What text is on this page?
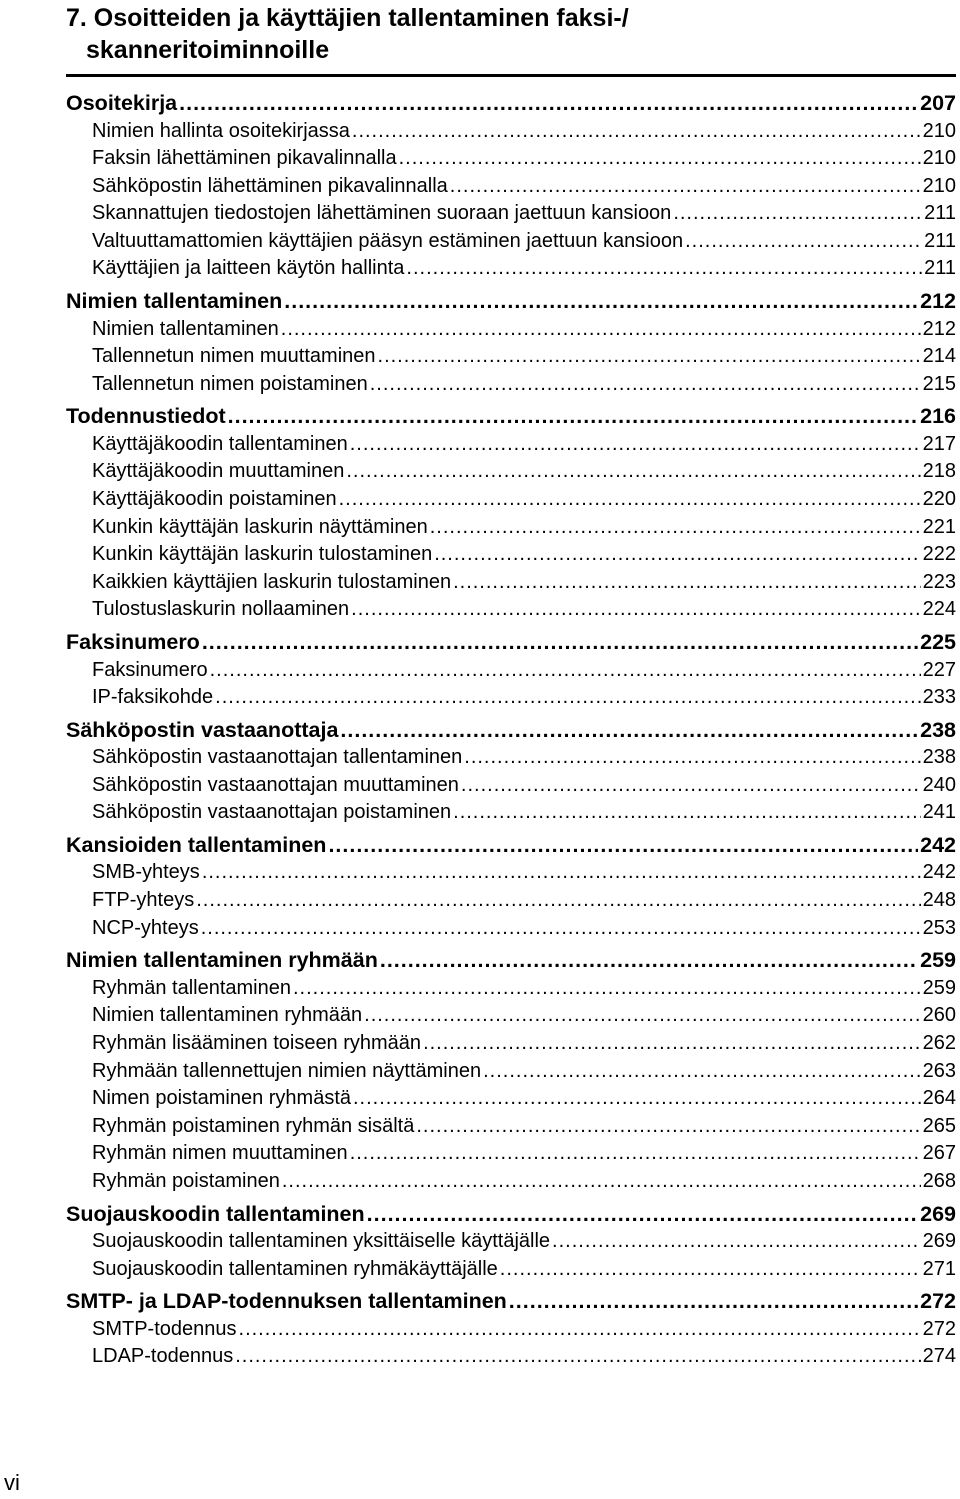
7. Osoitteiden ja käyttäjien tallentaminen faksi-/
skanneritoiminnoille
Osoitekirja .....	207
Nimien hallinta osoitekirjassa .....	210
Faksin lähettäminen pikavalinnalla .....	210
Sähköpostin lähettäminen pikavalinnalla .....	210
Skannattujen tiedostojen lähettäminen suoraan jaettuun kansioon .....	211
Valtuuttamattomien käyttäjien pääsyn estäminen jaettuun kansioon .....	211
Käyttäjien ja laitteen käytön hallinta .....	211
Nimien tallentaminen .....	212
Nimien tallentaminen .....	212
Tallennetun nimen muuttaminen .....	214
Tallennetun nimen poistaminen .....	215
Todennustiedot .....	216
Käyttäjäkoodin tallentaminen .....	217
Käyttäjäkoodin muuttaminen .....	218
Käyttäjäkoodin poistaminen .....	220
Kunkin käyttäjän laskurin näyttäminen .....	221
Kunkin käyttäjän laskurin tulostaminen .....	222
Kaikkien käyttäjien laskurin tulostaminen .....	223
Tulostuslaskurin nollaaminen .....	224
Faksinumero .....	225
Faksinumero .....	227
IP-faksikohde .....	233
Sähköpostin vastaanottaja .....	238
Sähköpostin vastaanottajan tallentaminen .....	238
Sähköpostin vastaanottajan muuttaminen .....	240
Sähköpostin vastaanottajan poistaminen .....	241
Kansioiden tallentaminen .....	242
SMB-yhteys .....	242
FTP-yhteys .....	248
NCP-yhteys .....	253
Nimien tallentaminen ryhmään .....	259
Ryhmän tallentaminen .....	259
Nimien tallentaminen ryhmään .....	260
Ryhmän lisääminen toiseen ryhmään .....	262
Ryhmään tallennettujen nimien näyttäminen .....	263
Nimen poistaminen ryhmästä .....	264
Ryhmän poistaminen ryhmän sisältä .....	265
Ryhmän nimen muuttaminen .....	267
Ryhmän poistaminen .....	268
Suojauskoodin tallentaminen .....	269
Suojauskoodin tallentaminen yksittäiselle käyttäjälle .....	269
Suojauskoodin tallentaminen ryhmäkäyttäjälle .....	271
SMTP- ja LDAP-todennuksen tallentaminen .....	272
SMTP-todennus .....	272
LDAP-todennus .....	274
vi
